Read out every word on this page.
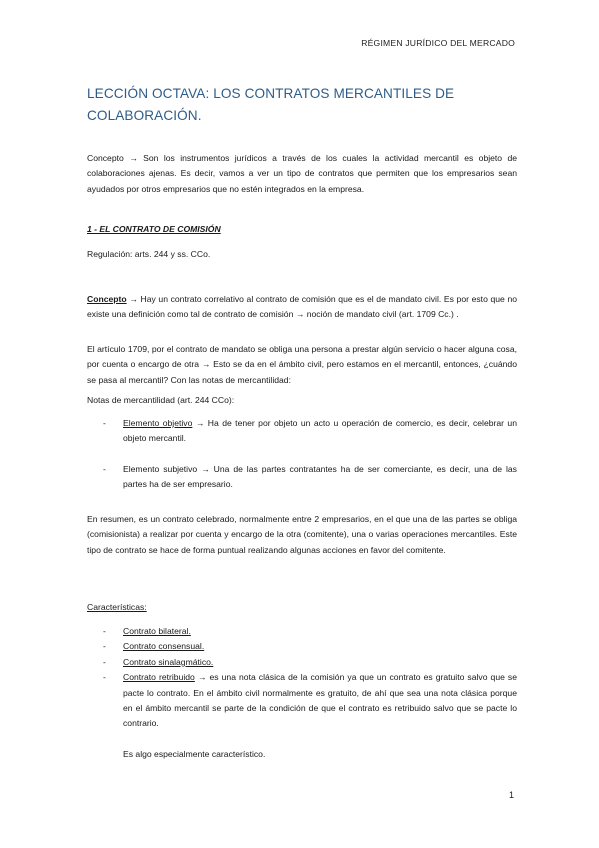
RÉGIMEN JURÍDICO DEL MERCADO
LECCIÓN OCTAVA: LOS CONTRATOS MERCANTILES DE COLABORACIÓN.
Concepto → Son los instrumentos jurídicos a través de los cuales la actividad mercantil es objeto de colaboraciones ajenas. Es decir, vamos a ver un tipo de contratos que permiten que los empresarios sean ayudados por otros empresarios que no estén integrados en la empresa.
1 - EL CONTRATO DE COMISIÓN
Regulación: arts. 244 y ss. CCo.
Concepto → Hay un contrato correlativo al contrato de comisión que es el de mandato civil. Es por esto que no existe una definición como tal de contrato de comisión → noción de mandato civil (art. 1709 Cc.) .
El artículo 1709, por el contrato de mandato se obliga una persona a prestar algún servicio o hacer alguna cosa, por cuenta o encargo de otra → Esto se da en el ámbito civil, pero estamos en el mercantil, entonces, ¿cuándo se pasa al mercantil? Con las notas de mercantilidad:
Notas de mercantilidad (art. 244 CCo):
- Elemento objetivo → Ha de tener por objeto un acto u operación de comercio, es decir, celebrar un objeto mercantil.
- Elemento subjetivo → Una de las partes contratantes ha de ser comerciante, es decir, una de las partes ha de ser empresario.
En resumen, es un contrato celebrado, normalmente entre 2 empresarios, en el que una de las partes se obliga (comisionista) a realizar por cuenta y encargo de la otra (comitente), una o varias operaciones mercantiles. Este tipo de contrato se hace de forma puntual realizando algunas acciones en favor del comitente.
Características:
- Contrato bilateral.
- Contrato consensual.
- Contrato sinalagmático.
- Contrato retribuido → es una nota clásica de la comisión ya que un contrato es gratuito salvo que se pacte lo contrato. En el ámbito civil normalmente es gratuito, de ahí que sea una nota clásica porque en el ámbito mercantil se parte de la condición de que el contrato es retribuido salvo que se pacte lo contrario.
Es algo especialmente característico.
1
